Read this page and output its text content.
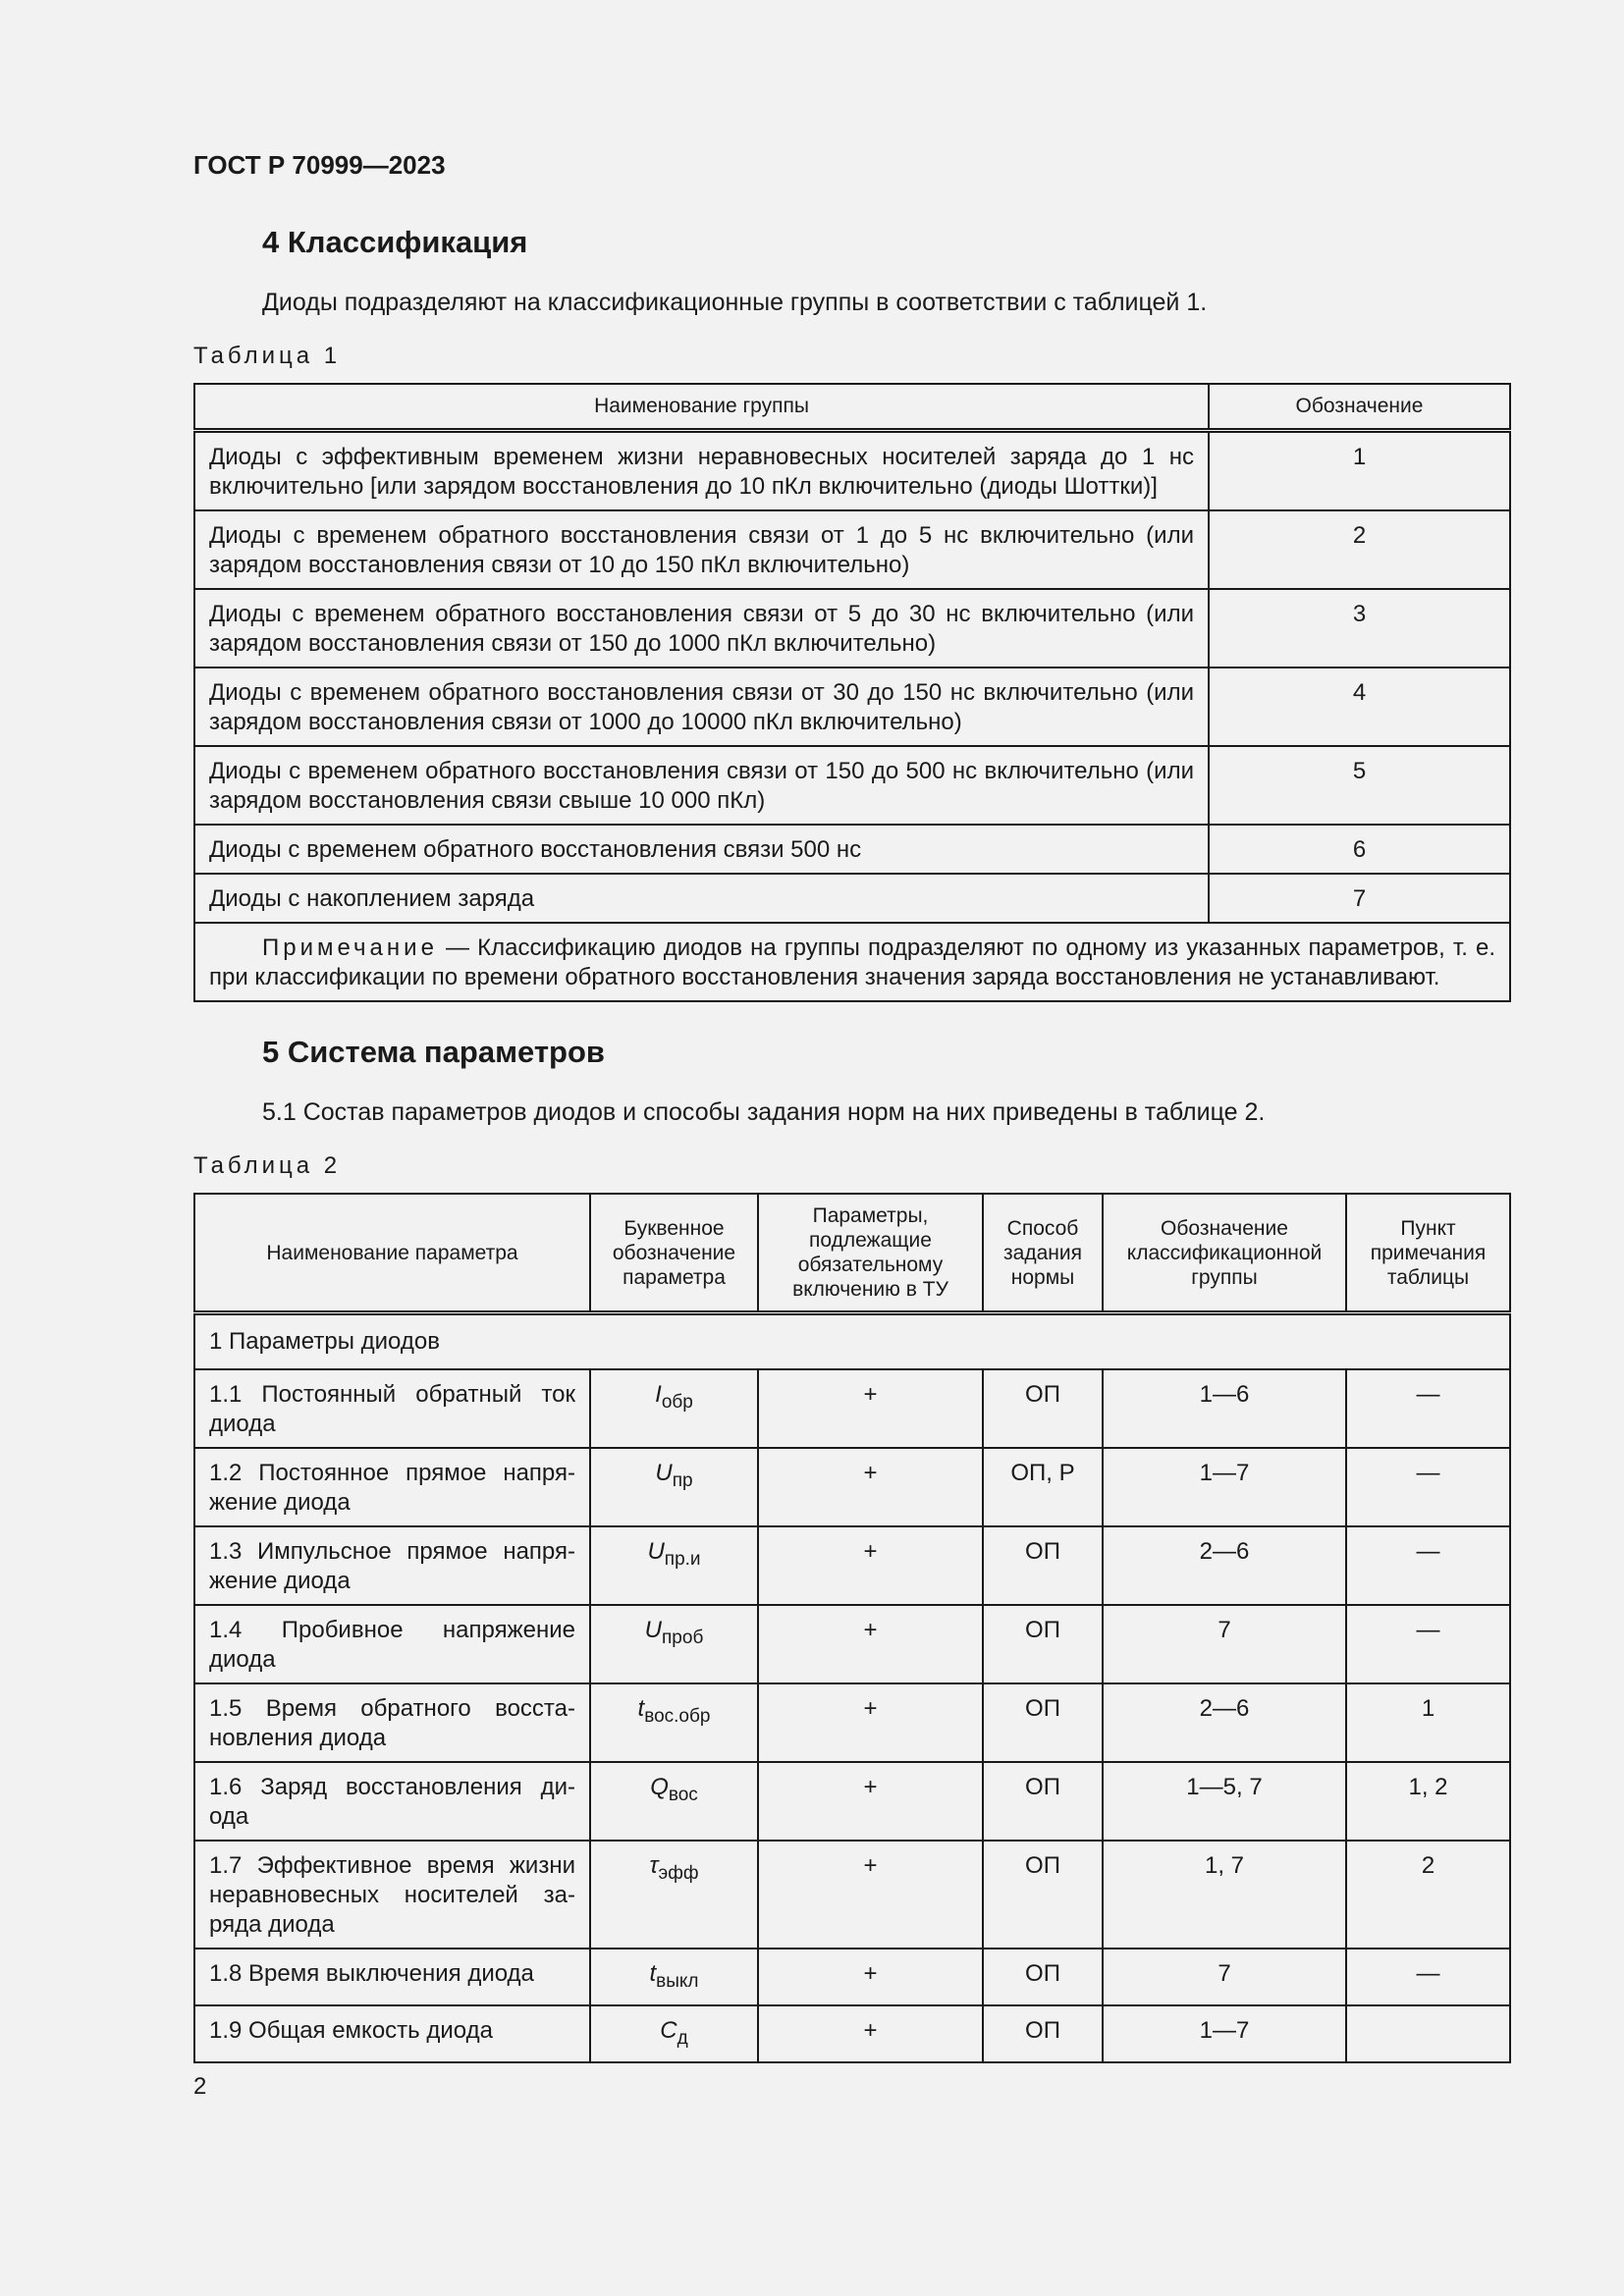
ГОСТ Р 70999—2023
4 Классификация
Диоды подразделяют на классификационные группы в соответствии с таблицей 1.
Таблица 1
Наименование группы	Обозначение
Диоды с эффективным временем жизни неравновесных носителей заряда до 1 нс включительно [или зарядом восстановления до 10 пКл включительно (диоды Шоттки)]	1
Диоды с временем обратного восстановления связи от 1 до 5 нс включительно (или зарядом восстановления связи от 10 до 150 пКл включительно)	2
Диоды с временем обратного восстановления связи от 5 до 30 нс включительно (или зарядом восстановления связи от 150 до 1000 пКл включительно)	3
Диоды с временем обратного восстановления связи от 30 до 150 нс включительно (или зарядом восстановления связи от 1000 до 10000 пКл включительно)	4
Диоды с временем обратного восстановления связи от 150 до 500 нс включительно (или зарядом восстановления связи свыше 10 000 пКл)	5
Диоды с временем обратного восстановления связи 500 нс	6
Диоды с накоплением заряда	7
Примечание — Классификацию диодов на группы подразделяют по одному из указанных параметров, т. е. при классификации по времени обратного восстановления значения заряда восстановления не устанавливают.	
5 Система параметров
5.1 Состав параметров диодов и способы задания норм на них приведены в таблице 2.
Таблица 2
Наименование параметра	Буквенное обозначение параметра	Параметры, подлежащие обязательному включению в ТУ	Способ задания нормы	Обозначение классификационной группы	Пункт примечания таблицы
1 Параметры диодов					
1.1 Постоянный обратный ток диода	$I_{обр}$	+	ОП	1—6	—
1.2 Постоянное прямое напря-жение диода	$U_{пр}$	+	ОП, Р	1—7	—
1.3 Импульсное прямое напря-жение диода	$U_{пр.и}$	+	ОП	2—6	—
1.4 Пробивное напряжение диода	$U_{проб}$	+	ОП	7	—
1.5 Время обратного восста-новления диода	$t_{вос.обр}$	+	ОП	2—6	1
1.6 Заряд восстановления ди-ода	$Q_{вос}$	+	ОП	1—5, 7	1, 2
1.7 Эффективное время жизни неравновесных носителей за-ряда диода	$\tau_{эфф}$	+	ОП	1, 7	2
1.8 Время выключения диода	$t_{выкл}$	+	ОП	7	—
1.9 Общая емкость диода	$C_д$	+	ОП	1—7	
2
